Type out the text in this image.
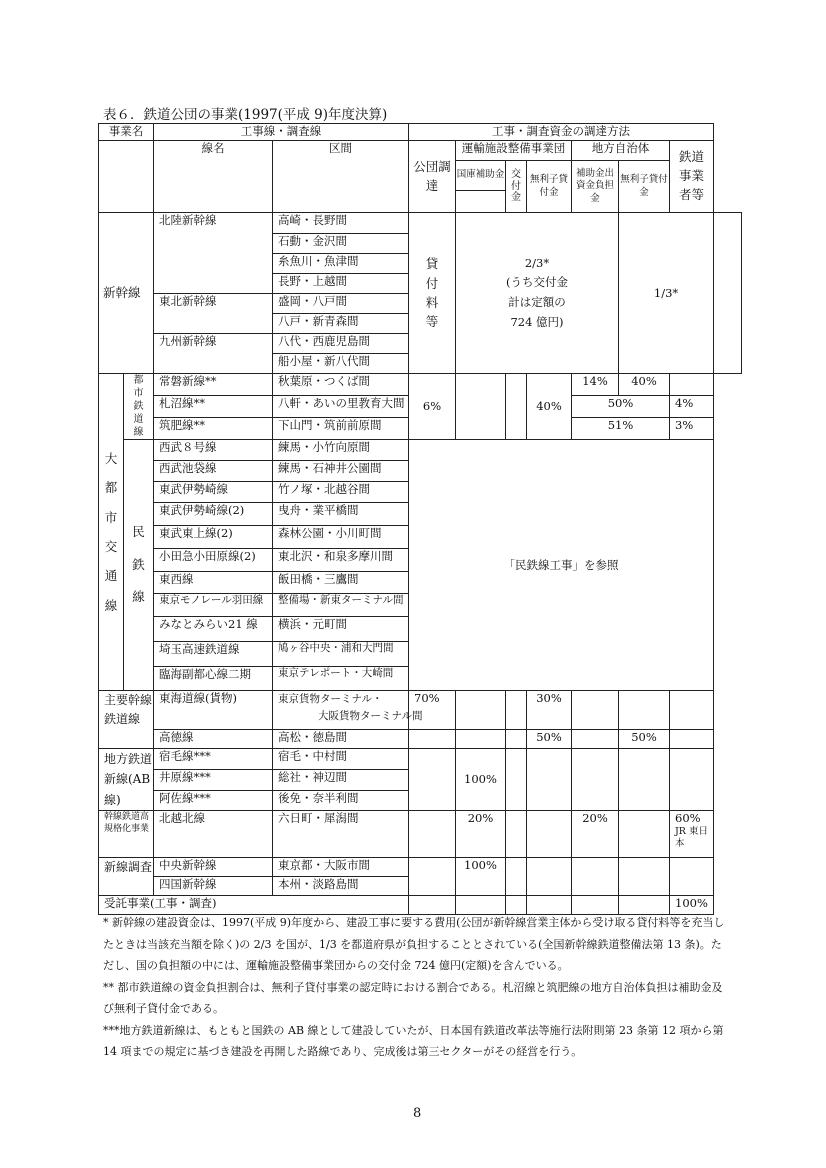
表６．鉄道公団の事業(1997(平成 9)年度決算)
事業名		工事線・調査線		工事・調査資金の調達方法							
		線名	区間	公団調達	運輸施設整備事業団			地方自治体		鉄道事業者等	

					国庫補助金	交付金	無利子貸付金	補助金出資金負担金	無利子貸付金		

新幹線		北陸新幹線	高崎・長野間	貸付料等	2/3*
(うち交付金
計は定額の
724 億円)				1/3*		
			石動・金沢間								
			糸魚川・魚津間								
			長野・上越間								
		東北新幹線	盛岡・八戸間								
			八戸・新青森間								
		九州新幹線	八代・西鹿児島間								
			船小屋・新八代間								

大都市交通線	都市鉄道線	常磐新線**	秋葉原・つくば間	6%			40%	14%	40%		
		札沼線**	八軒・あいの里教育大間					50%		4%	
		筑肥線**	下山門・筑前前原間					51%		3%	

	民鉄線	西武８号線	練馬・小竹向原間	「民鉄線工事」を参照							
		西武池袋線	練馬・石神井公園間								
		東武伊勢崎線	竹ノ塚・北越谷間								
		東武伊勢崎線(2)	曳舟・業平橋間								
		東武東上線(2)	森林公園・小川町間								
		小田急小田原線(2)	東北沢・和泉多摩川間								
		東西線	飯田橋・三鷹間								
		東京モノレール羽田線	整備場・新東ターミナル間								
		みなとみらい21 線	横浜・元町間								
		埼玉高速鉄道線	鳩ヶ谷中央・浦和大門間								
		臨海副都心線二期	東京テレポート・大崎間								
主要幹線鉄道線		東海道線(貨物)	東京貨物ターミナル・
大阪貨物ターミナル間	70%			30%				
		高徳線	高松・徳島間				50%		50%		
地方鉄道新線(AB 線)		宿毛線***	宿毛・中村間		100%						
		井原線***	総社・神辺間								
		阿佐線***	後免・奈半利間								
幹線鉄道高規格化事業		北越北線	六日町・犀潟間		20%			20%		60%
JR 東日本	

新線調査		中央新幹線	東京都・大阪市間		100%						
		四国新幹線	本州・淡路島間								
受託事業(工事・調査)										100%	

* 新幹線の建設資金は、1997(平成 9)年度から、建設工事に要する費用(公団が新幹線営業主体から受け取る貸付料等を充当したときは当該充当額を除く)の 2/3 を国が、1/3 を都道府県が負担することとされている(全国新幹線鉄道整備法第 13 条)。ただし、国の負担額の中には、運輸施設整備事業団からの交付金 724 億円(定額)を含んでいる。

** 都市鉄道線の資金負担割合は、無利子貸付事業の認定時における割合である。札沼線と筑肥線の地方自治体負担は補助金及び無利子貸付金である。

***地方鉄道新線は、もともと国鉄の AB 線として建設していたが、日本国有鉄道改革法等施行法附則第 23 条第 12 項から第 14 項までの規定に基づき建設を再開した路線であり、完成後は第三セクターがその経営を行う。

8
